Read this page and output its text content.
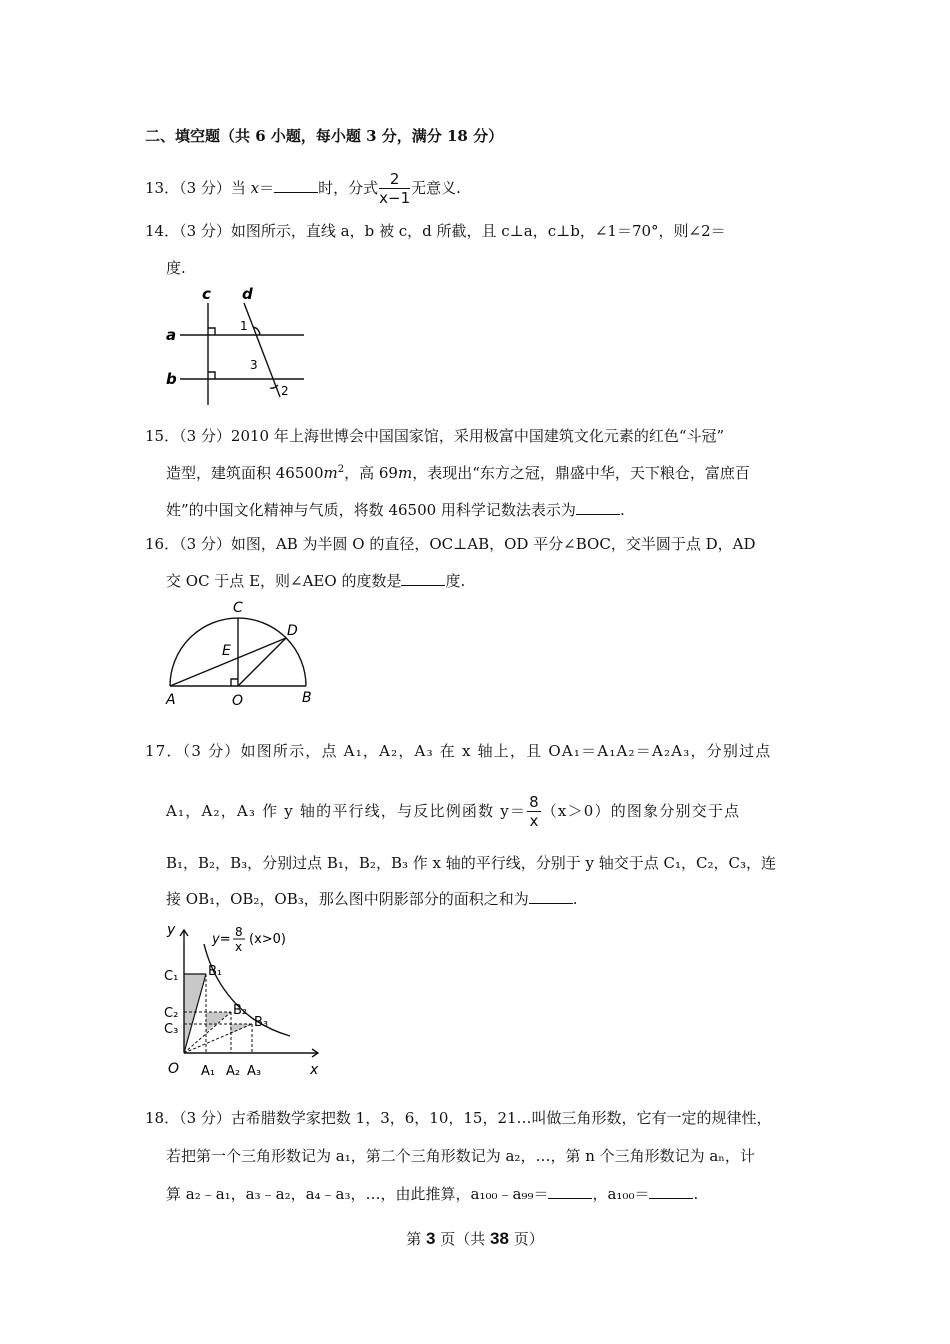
二、填空题（共 6 小题，每小题 3 分，满分 18 分）
13．（3 分）当 x＝	时，分式 $\frac{2}{x-1}$ 无意义.
14．（3 分）如图所示，直线 a，b 被 c，d 所截，且 c⊥a，c⊥b，∠1＝70°，则∠2＝
度.
c d
a
b
1
3
2
15．（3 分）2010 年上海世博会中国国家馆，采用极富中国建筑文化元素的红色“斗冠”
造型，建筑面积 $46500m^2$，高 69m，表现出“东方之冠，鼎盛中华，天下粮仓，富庶百
姓”的中国文化精神与气质，将数 46500 用科学记数法表示为	.
16．（3 分）如图，AB 为半圆 O 的直径，OC⊥AB，OD 平分∠BOC，交半圆于点 D，AD
交 OC 于点 E，则∠AEO 的度数是	度.
C
D
E
A	O	B
17．（3 分）如图所示，点 A₁，A₂，A₃ 在 x 轴上，且 OA₁＝A₁A₂＝A₂A₃，分别过点
A₁，A₂，A₃ 作 y 轴的平行线，与反比例函数 $y= \frac{8}{x} (x>0)$的图象分别交于点
B₁，B₂，B₃，分别过点 B₁，B₂，B₃ 作 x 轴的平行线，分别于 y 轴交于点 C₁，C₂，C₃，连
接 OB₁，OB₂，OB₃，那么图中阴影部分的面积之和为	.
y
x
O
y= 8
x (x>0)
C₁
C₂
C₃
B₁
B₂
B₃
A₁ A₂ A₃
18．（3 分）古希腊数学家把数 1，3，6，10，15，21…叫做三角形数，它有一定的规律性，
若把第一个三角形数记为 a₁，第二个三角形数记为 a₂，…，第 n 个三角形数记为 aₙ，计
算 a₂﹣a₁，a₃﹣a₂，a₄﹣a₃，…，由此推算，a₁₀₀﹣a₉₉＝	，a₁₀₀＝	.
第 3 页（共 38 页）
